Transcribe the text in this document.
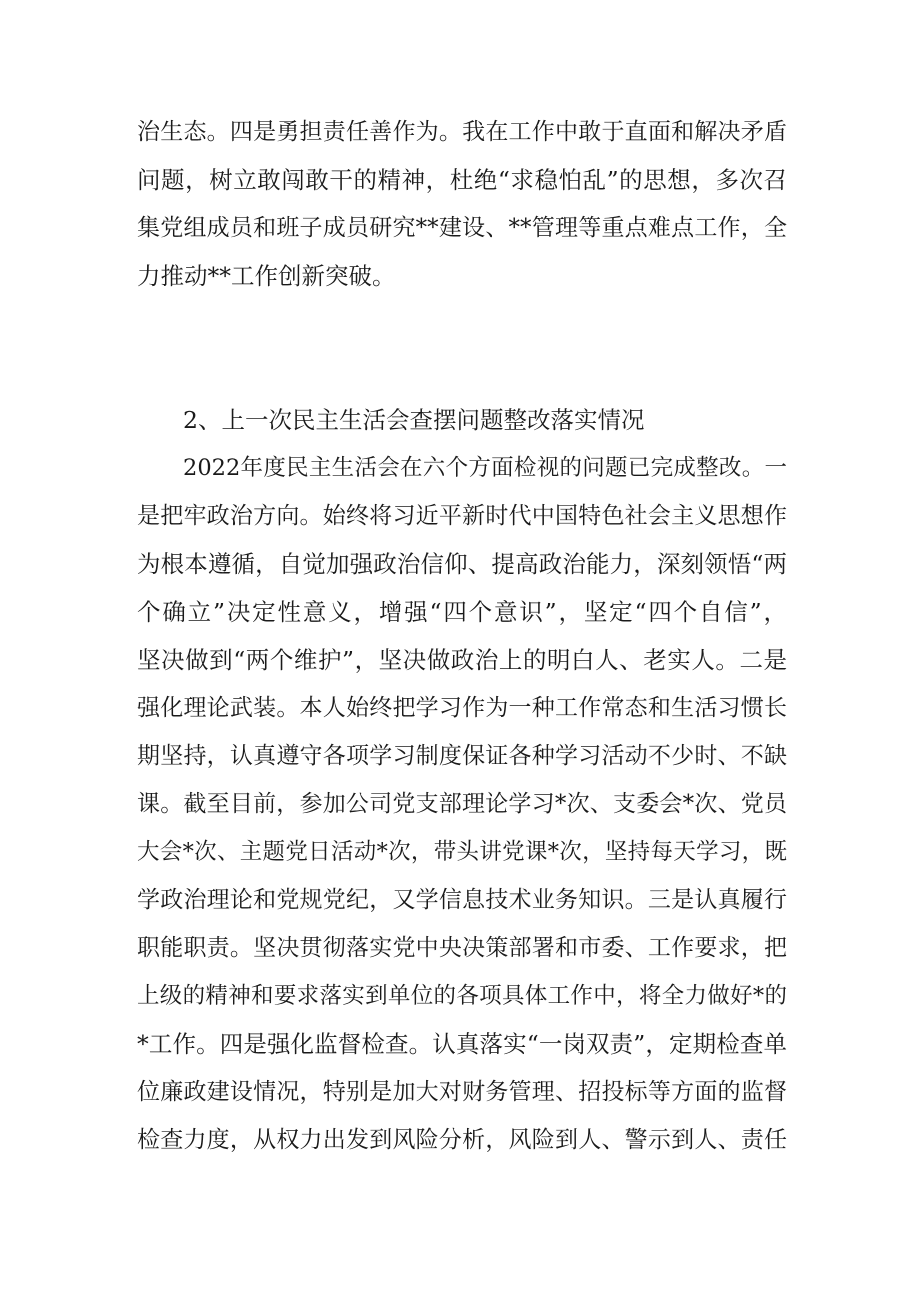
治生态。四是勇担责任善作为。我在工作中敢于直面和解决矛盾
问题，树立敢闯敢干的精神，杜绝“求稳怕乱”的思想，多次召
集党组成员和班子成员研究**建设、**管理等重点难点工作，全
力推动**工作创新突破。
2、上一次民主生活会查摆问题整改落实情况
2022年度民主生活会在六个方面检视的问题已完成整改。一
是把牢政治方向。始终将习近平新时代中国特色社会主义思想作
为根本遵循，自觉加强政治信仰、提高政治能力，深刻领悟“两
个确立”决定性意义，增强“四个意识”，坚定“四个自信”，
坚决做到“两个维护”，坚决做政治上的明白人、老实人。二是
强化理论武装。本人始终把学习作为一种工作常态和生活习惯长
期坚持，认真遵守各项学习制度保证各种学习活动不少时、不缺
课。截至目前，参加公司党支部理论学习*次、支委会*次、党员
大会*次、主题党日活动*次，带头讲党课*次，坚持每天学习，既
学政治理论和党规党纪，又学信息技术业务知识。三是认真履行
职能职责。坚决贯彻落实党中央决策部署和市委、工作要求，把
上级的精神和要求落实到单位的各项具体工作中，将全力做好*的
*工作。四是强化监督检查。认真落实“一岗双责”，定期检查单
位廉政建设情况，特别是加大对财务管理、招投标等方面的监督
检查力度，从权力出发到风险分析，风险到人、警示到人、责任
